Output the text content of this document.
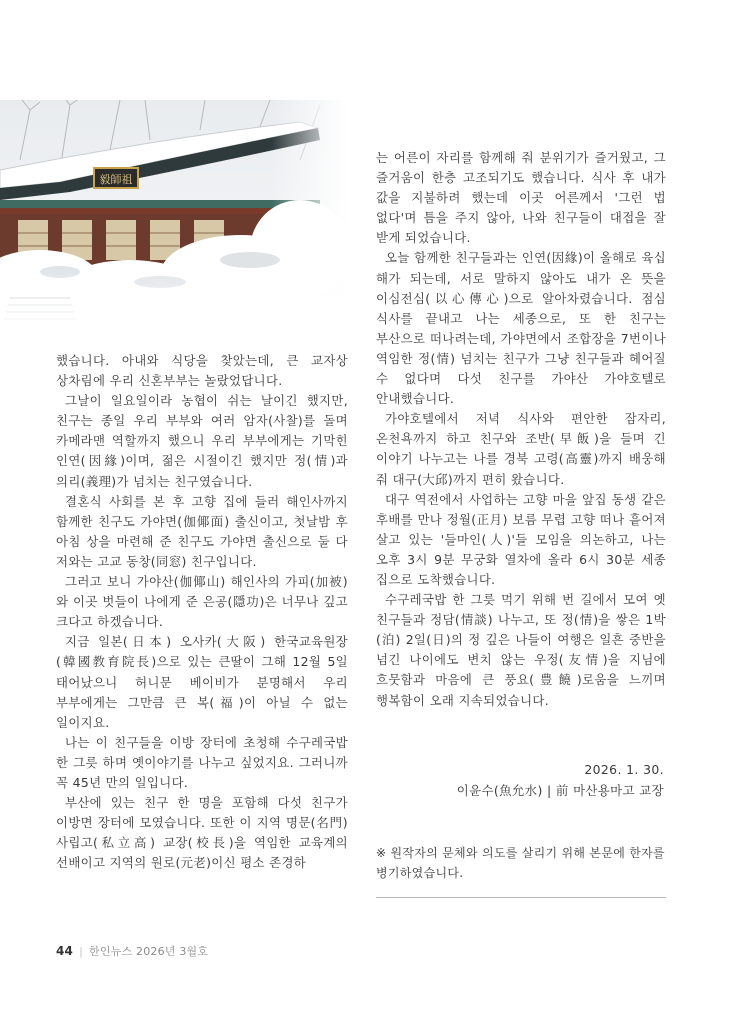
했습니다. 아내와 식당을 찾았는데, 큰 교자상 상차림에 우리 신혼부부는 놀랐었답니다.

그날이 일요일이라 농협이 쉬는 날이긴 했지만, 친구는 종일 우리 부부와 여러 암자(사찰)를 돌며 카메라맨 역할까지 했으니 우리 부부에게는 기막힌 인연(因緣)이며, 젊은 시절이긴 했지만 정(情)과 의리(義理)가 넘치는 친구였습니다.

결혼식 사회를 본 후 고향 집에 들러 해인사까지 함께한 친구도 가야면(伽倻面) 출신이고, 첫날밤 후 아침 상을 마련해 준 친구도 가야면 출신으로 둘 다 저와는 고교 동창(同窓) 친구입니다.

그러고 보니 가야산(伽倻山) 해인사의 가피(加被)와 이곳 벗들이 나에게 준 은공(隱功)은 너무나 깊고 크다고 하겠습니다.

지금 일본(日本) 오사카(大阪) 한국교육원장(韓國教育院長)으로 있는 큰딸이 그해 12월 5일 태어났으니 허니문 베이비가 분명해서 우리 부부에게는 그만큼 큰 복(福)이 아닐 수 없는 일이지요.

나는 이 친구들을 이방 장터에 초청해 수구레국밥 한 그릇 하며 옛이야기를 나누고 싶었지요. 그러니까 꼭 45년 만의 일입니다.

부산에 있는 친구 한 명을 포함해 다섯 친구가 이방면 장터에 모였습니다. 또한 이 지역 명문(名門) 사립고(私立高) 교장(校長)을 역임한 교육계의 선배이고 지역의 원로(元老)이신 평소 존경하

는 어른이 자리를 함께해 줘 분위기가 즐거웠고, 그 즐거움이 한층 고조되기도 했습니다. 식사 후 내가 값을 지불하려 했는데 이곳 어른께서 '그런 법 없다'며 틈을 주지 않아, 나와 친구들이 대접을 잘 받게 되었습니다.

오늘 함께한 친구들과는 인연(因緣)이 올해로 육십 해가 되는데, 서로 말하지 않아도 내가 온 뜻을 이심전심(以心傳心)으로 알아차렸습니다. 점심 식사를 끝내고 나는 세종으로, 또 한 친구는 부산으로 떠나려는데, 가야면에서 조합장을 7번이나 역임한 정(情) 넘치는 친구가 그냥 친구들과 헤어질 수 없다며 다섯 친구를 가야산 가야호텔로 안내했습니다.

가야호텔에서 저녁 식사와 편안한 잠자리, 온천욕까지 하고 친구와 조반(早飯)을 들며 긴 이야기 나누고는 나를 경북 고령(高靈)까지 배웅해 줘 대구(大邱)까지 편히 왔습니다.

대구 역전에서 사업하는 고향 마을 앞집 동생 같은 후배를 만나 정월(正月) 보름 무렵 고향 떠나 흩어져 살고 있는 '들마인(人)'들 모임을 의논하고, 나는 오후 3시 9분 무궁화 열차에 올라 6시 30분 세종 집으로 도착했습니다.

수구레국밥 한 그릇 먹기 위해 번 길에서 모여 옛 친구들과 정담(情談) 나누고, 또 정(情)을 쌓은 1박(泊) 2일(日)의 정 깊은 나들이 여행은 일흔 중반을 넘긴 나이에도 변치 않는 우정(友情)을 지님에 흐뭇함과 마음에 큰 풍요(豊饒)로움을 느끼며 행복함이 오래 지속되었습니다.

2026. 1. 30.
이윤수(魚允水) | 前 마산용마고 교장
※ 원작자의 문체와 의도를 살리기 위해 본문에 한자를 병기하였습니다.
44 | 한인뉴스 2026년 3월호
